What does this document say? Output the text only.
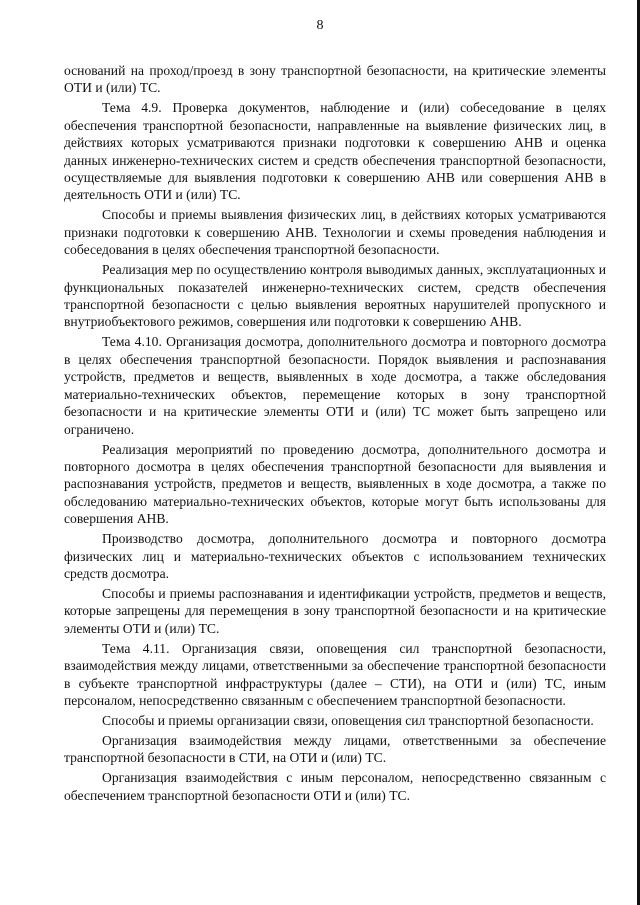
8

оснований на проход/проезд в зону транспортной безопасности, на критические элементы ОТИ и (или) ТС.

Тема 4.9. Проверка документов, наблюдение и (или) собеседование в целях обеспечения транспортной безопасности, направленные на выявление физических лиц, в действиях которых усматриваются признаки подготовки к совершению АНВ и оценка данных инженерно-технических систем и средств обеспечения транспортной безопасности, осуществляемые для выявления подготовки к совершению АНВ или совершения АНВ в деятельность ОТИ и (или) ТС.

Способы и приемы выявления физических лиц, в действиях которых усматриваются признаки подготовки к совершению АНВ. Технологии и схемы проведения наблюдения и собеседования в целях обеспечения транспортной безопасности.

Реализация мер по осуществлению контроля выводимых данных, эксплуатационных и функциональных показателей инженерно-технических систем, средств обеспечения транспортной безопасности с целью выявления вероятных нарушителей пропускного и внутриобъектового режимов, совершения или подготовки к совершению АНВ.

Тема 4.10. Организация досмотра, дополнительного досмотра и повторного досмотра в целях обеспечения транспортной безопасности. Порядок выявления и распознавания устройств, предметов и веществ, выявленных в ходе досмотра, а также обследования материально-технических объектов, перемещение которых в зону транспортной безопасности и на критические элементы ОТИ и (или) ТС может быть запрещено или ограничено.

Реализация мероприятий по проведению досмотра, дополнительного досмотра и повторного досмотра в целях обеспечения транспортной безопасности для выявления и распознавания устройств, предметов и веществ, выявленных в ходе досмотра, а также по обследованию материально-технических объектов, которые могут быть использованы для совершения АНВ.

Производство досмотра, дополнительного досмотра и повторного досмотра физических лиц и материально-технических объектов с использованием технических средств досмотра.

Способы и приемы распознавания и идентификации устройств, предметов и веществ, которые запрещены для перемещения в зону транспортной безопасности и на критические элементы ОТИ и (или) ТС.

Тема 4.11. Организация связи, оповещения сил транспортной безопасности, взаимодействия между лицами, ответственными за обеспечение транспортной безопасности в субъекте транспортной инфраструктуры (далее – СТИ), на ОТИ и (или) ТС, иным персоналом, непосредственно связанным с обеспечением транспортной безопасности.

Способы и приемы организации связи, оповещения сил транспортной безопасности.

Организация взаимодействия между лицами, ответственными за обеспечение транспортной безопасности в СТИ, на ОТИ и (или) ТС.

Организация взаимодействия с иным персоналом, непосредственно связанным с обеспечением транспортной безопасности ОТИ и (или) ТС.
